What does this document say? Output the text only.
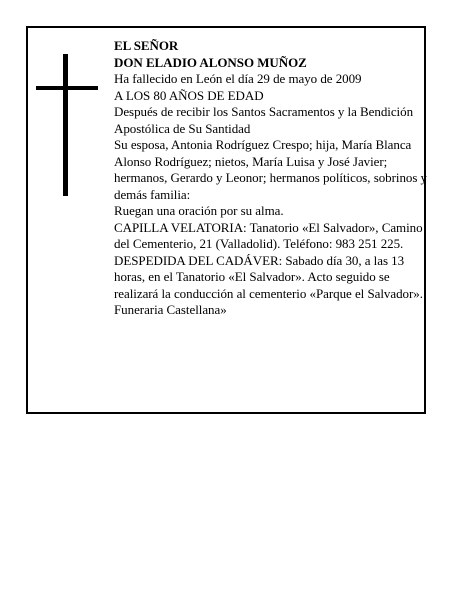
EL SEÑOR

DON ELADIO ALONSO MUÑOZ

Ha fallecido en León el día 29 de mayo de 2009

A LOS 80 AÑOS DE EDAD

Después de recibir los Santos Sacramentos y la Bendición Apostólica de Su Santidad

Su esposa, Antonia Rodríguez Crespo; hija, María Blanca Alonso Rodríguez; nietos, María Luisa y José Javier; hermanos, Gerardo y Leonor; hermanos políticos, sobrinos y demás familia:

Ruegan una oración por su alma.

CAPILLA VELATORIA: Tanatorio «El Salvador», Camino del Cementerio, 21 (Valladolid). Teléfono: 983 251 225.

DESPEDIDA DEL CADÁVER: Sabado día 30, a las 13 horas, en el Tanatorio «El Salvador». Acto seguido se realizará la conducción al cementerio «Parque el Salvador».

Funeraria Castellana»
